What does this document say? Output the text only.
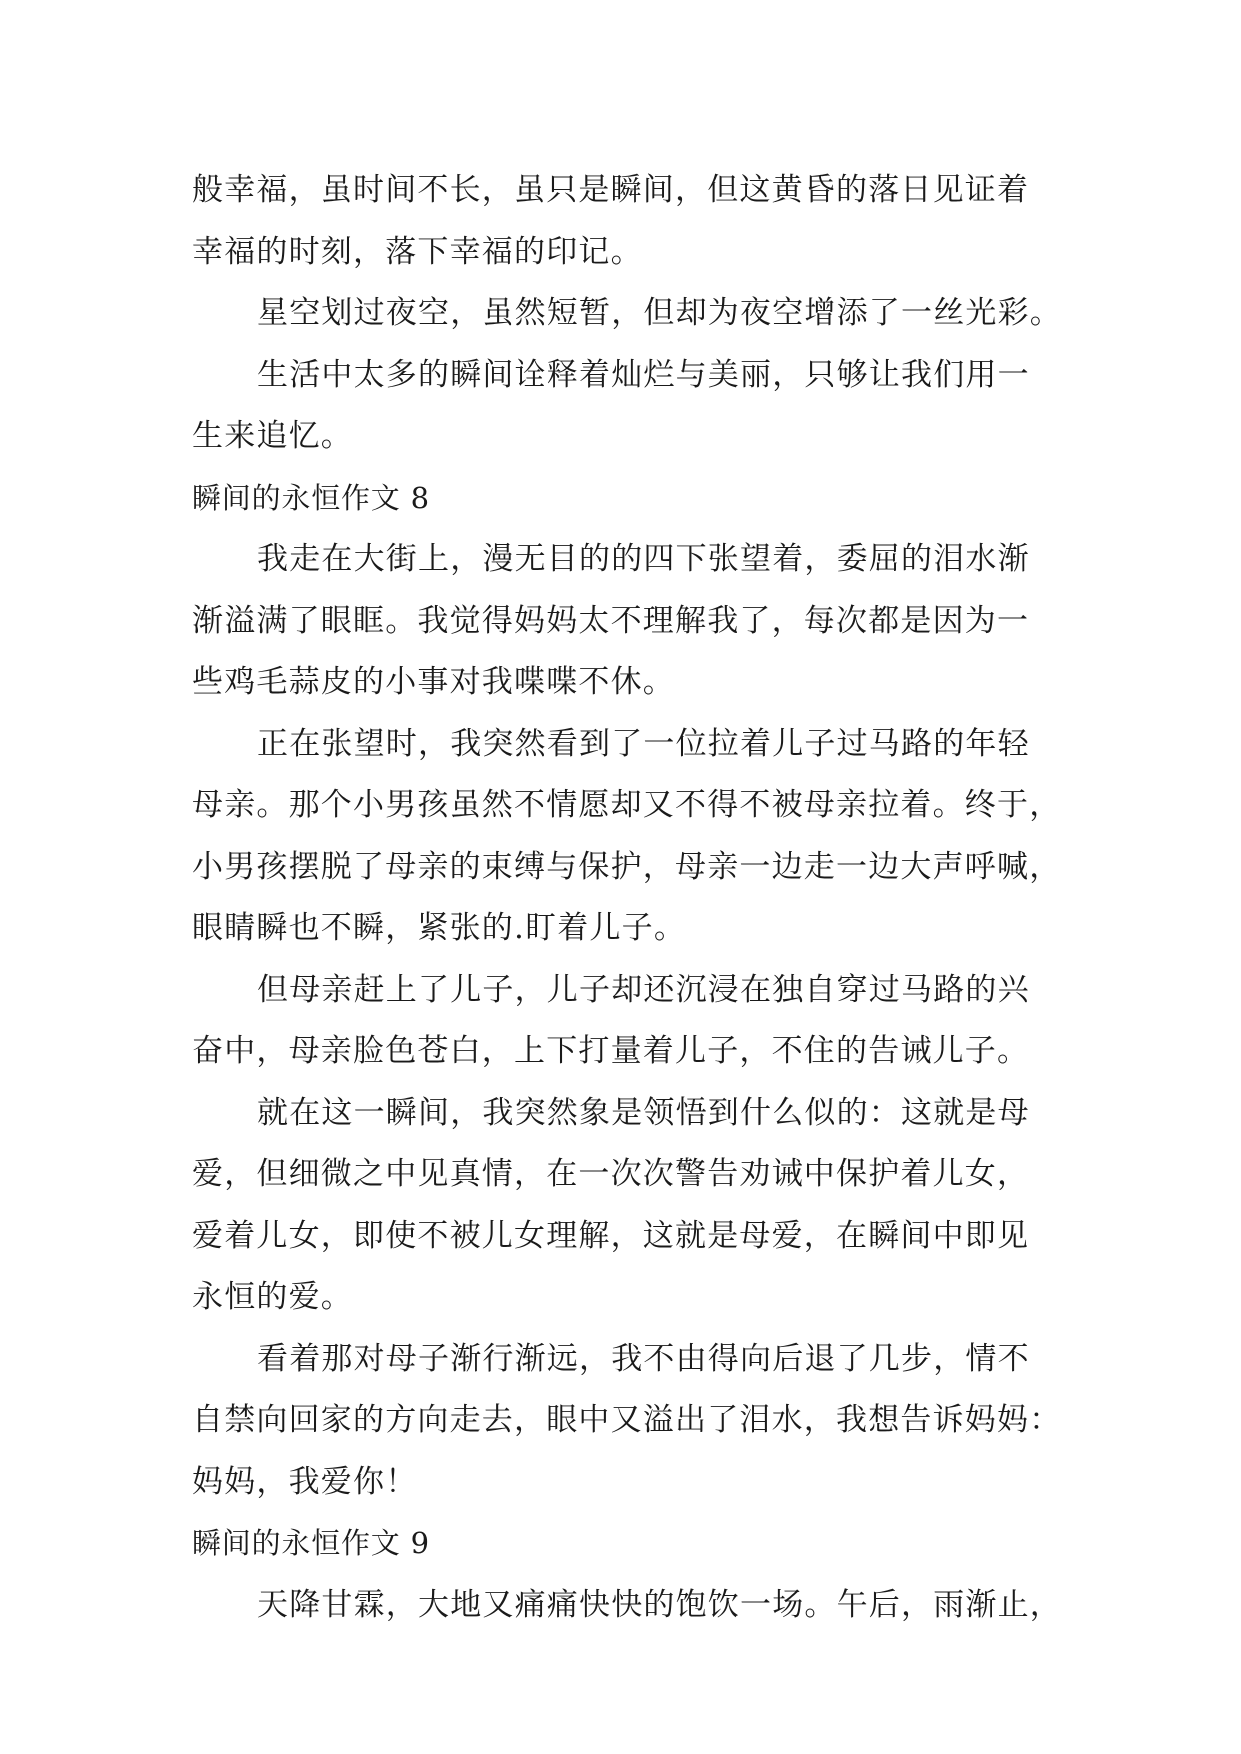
般幸福，虽时间不长，虽只是瞬间，但这黄昏的落日见证着
幸福的时刻，落下幸福的印记。
星空划过夜空，虽然短暂，但却为夜空增添了一丝光彩。
生活中太多的瞬间诠释着灿烂与美丽，只够让我们用一
生来追忆。
瞬间的永恒作文 8
我走在大街上，漫无目的的四下张望着，委屈的泪水渐
渐溢满了眼眶。我觉得妈妈太不理解我了，每次都是因为一
些鸡毛蒜皮的小事对我喋喋不休。
正在张望时，我突然看到了一位拉着儿子过马路的年轻
母亲。那个小男孩虽然不情愿却又不得不被母亲拉着。终于，
小男孩摆脱了母亲的束缚与保护，母亲一边走一边大声呼喊，
眼睛瞬也不瞬，紧张的.盯着儿子。
但母亲赶上了儿子，儿子却还沉浸在独自穿过马路的兴
奋中，母亲脸色苍白，上下打量着儿子，不住的告诫儿子。
就在这一瞬间，我突然象是领悟到什么似的：这就是母
爱，但细微之中见真情，在一次次警告劝诫中保护着儿女，
爱着儿女，即使不被儿女理解，这就是母爱，在瞬间中即见
永恒的爱。
看着那对母子渐行渐远，我不由得向后退了几步，情不
自禁向回家的方向走去，眼中又溢出了泪水，我想告诉妈妈：
妈妈，我爱你！
瞬间的永恒作文 9
天降甘霖，大地又痛痛快快的饱饮一场。午后，雨渐止，
